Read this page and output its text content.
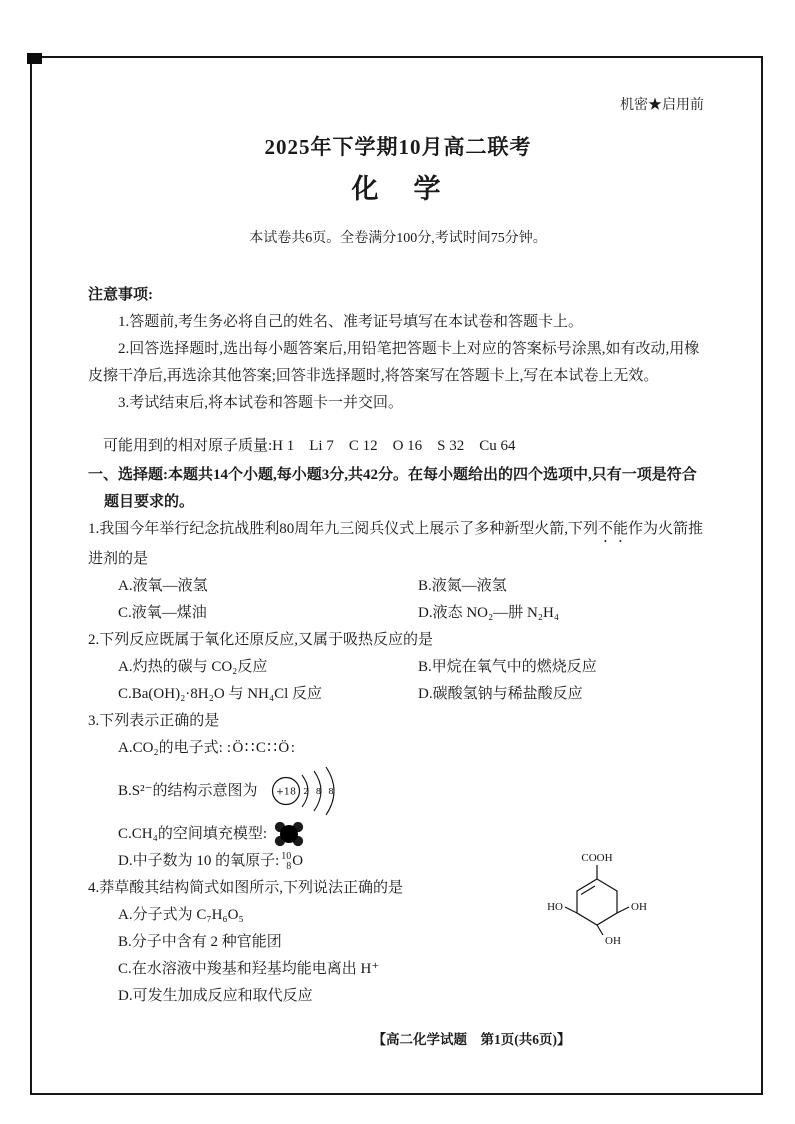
机密★启用前
2025年下学期10月高二联考
化　学
本试卷共6页。全卷满分100分,考试时间75分钟。
注意事项:

1.答题前,考生务必将自己的姓名、准考证号填写在本试卷和答题卡上。

2.回答选择题时,选出每小题答案后,用铅笔把答题卡上对应的答案标号涂黑,如有改动,用橡皮擦干净后,再选涂其他答案;回答非选择题时,将答案写在答题卡上,写在本试卷上无效。

3.考试结束后,将本试卷和答题卡一并交回。

可能用到的相对原子质量:H 1　Li 7　C 12　O 16　S 32　Cu 64

一、选择题:本题共14个小题,每小题3分,共42分。在每小题给出的四个选项中,只有一项是符合题目要求的。

1.我国今年举行纪念抗战胜利80周年九三阅兵仪式上展示了多种新型火箭,下列不能作为火箭推进剂的是

A.液氧—液氢	B.液氮—液氢
C.液氧—煤油	D.液态 NO₂—肼 N₂H₄

2.下列反应既属于氧化还原反应,又属于吸热反应的是

A.灼热的碳与 CO₂反应	B.甲烷在氧气中的燃烧反应
C.Ba(OH)₂·8H₂O 与 NH₄Cl 反应	D.碳酸氢钠与稀盐酸反应

3.下列表示正确的是

A.CO₂的电子式: :Ö∷C∷Ö:
B.S²⁻的结构示意图为 +18 2 8 8
C.CH₄的空间填充模型:
D.中子数为 10 的氧原子: 10
8 O

4.莽草酸其结构简式如图所示,下列说法正确的是

A.分子式为 C₇H₆O₅

B.分子中含有 2 种官能团

C.在水溶液中羧基和羟基均能电离出 H⁺

D.可发生加成反应和取代反应

COOH
HO	OH
OH
【高二化学试题　第1页(共6页)】
